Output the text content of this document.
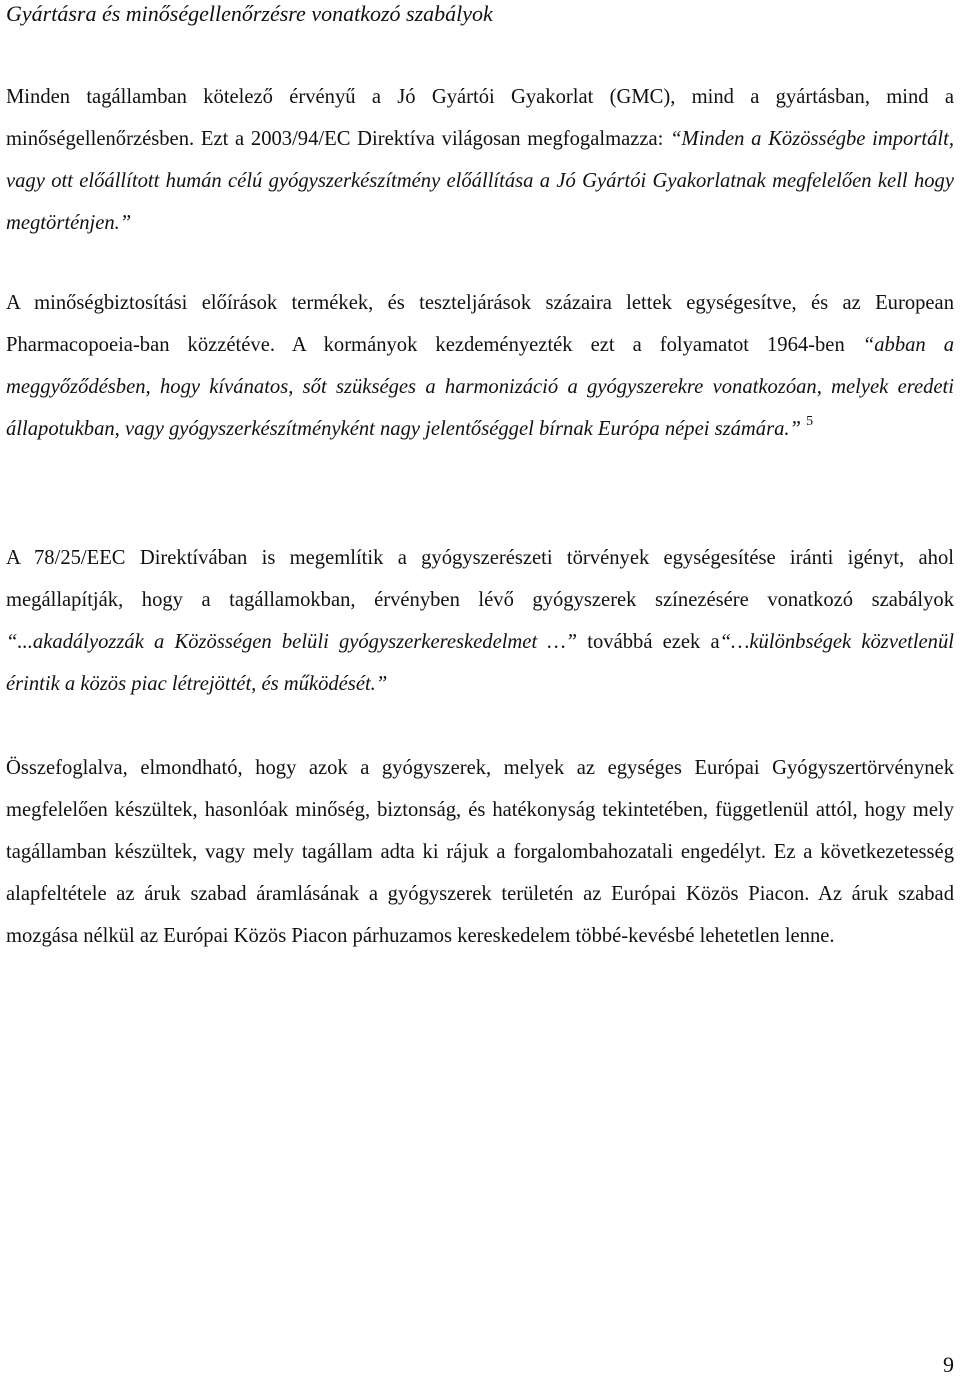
Gyártásra és minőségellenőrzésre vonatkozó szabályok

Minden tagállamban kötelező érvényű a Jó Gyártói Gyakorlat (GMC), mind a gyártásban, mind a minőségellenőrzésben. Ezt a 2003/94/EC Direktíva világosan megfogalmazza: “Minden a Közösségbe importált, vagy ott előállított humán célú gyógyszerkészítmény előállítása a Jó Gyártói Gyakorlatnak megfelelően kell hogy megtörténjen.”

A minőségbiztosítási előírások termékek, és teszteljárások százaira lettek egységesítve, és az European Pharmacopoeia-ban közzétéve. A kormányok kezdeményezték ezt a folyamatot 1964-ben “abban a meggyőződésben, hogy kívánatos, sőt szükséges a harmonizáció a gyógyszerekre vonatkozóan, melyek eredeti állapotukban, vagy gyógyszerkészítményként nagy jelentőséggel bírnak Európa népei számára.” $^5$

A 78/25/EEC Direktívában is megemlítik a gyógyszerészeti törvények egységesítése iránti igényt, ahol megállapítják, hogy a tagállamokban, érvényben lévő gyógyszerek színezésére vonatkozó szabályok “...akadályozzák a Közösségen belüli gyógyszerkereskedelmet …” továbbá ezek a“…különbségek közvetlenül érintik a közös piac létrejöttét, és működését.”

Összefoglalva, elmondható, hogy azok a gyógyszerek, melyek az egységes Európai Gyógyszertörvénynek megfelelően készültek, hasonlóak minőség, biztonság, és hatékonyság tekintetében, függetlenül attól, hogy mely tagállamban készültek, vagy mely tagállam adta ki rájuk a forgalombahozatali engedélyt. Ez a következetesség alapfeltétele az áruk szabad áramlásának a gyógyszerek területén az Európai Közös Piacon. Az áruk szabad mozgása nélkül az Európai Közös Piacon párhuzamos kereskedelem többé-kevésbé lehetetlen lenne.

9
